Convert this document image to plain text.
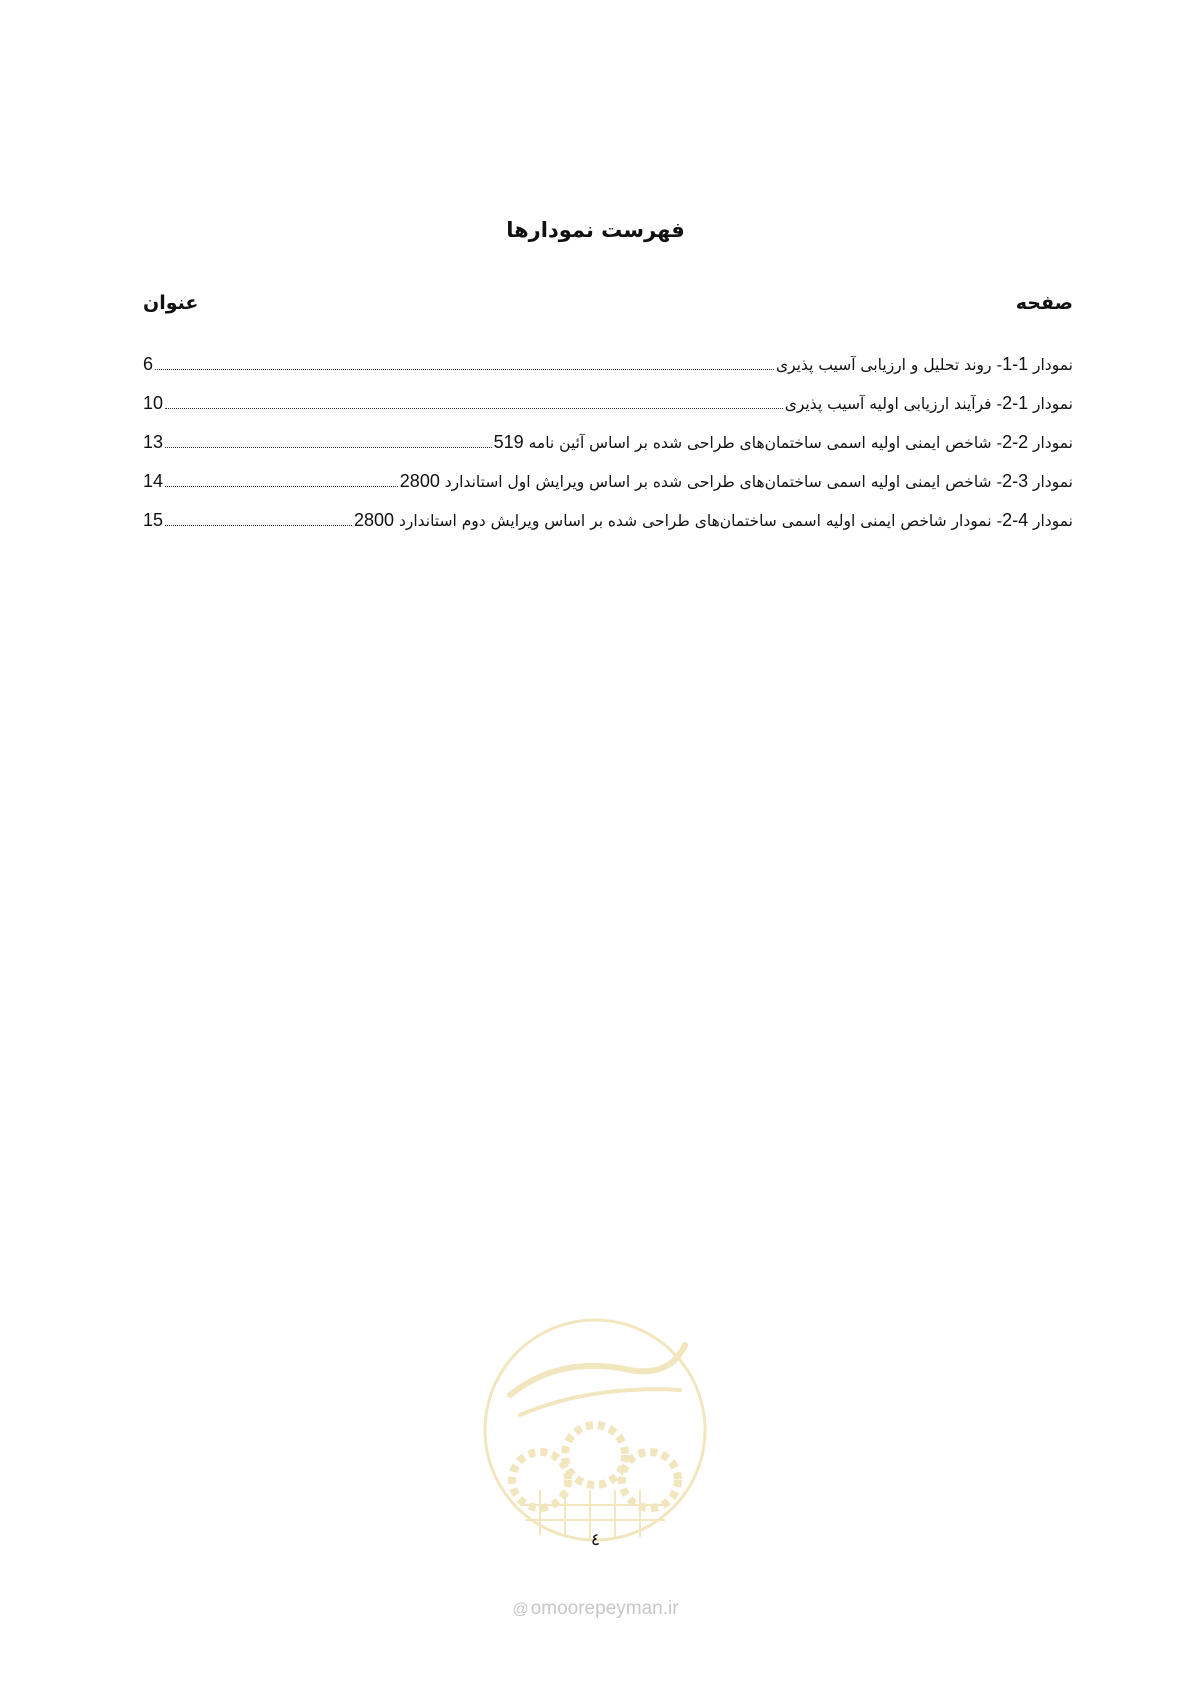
فهرست نمودارها
عنوان	صفحه
نمودار 1-1- روند تحلیل و ارزیابی آسیب پذیری
6
نمودار 2-1- فرآیند ارزیابی اولیه آسیب پذیری
10
نمودار 2-2- شاخص ایمنی اولیه اسمی ساختمان‌های طراحی شده بر اساس آئین نامه 519
13
نمودار 2-3- شاخص ایمنی اولیه اسمی ساختمان‌های طراحی شده بر اساس ویرایش اول استاندارد 2800
14
نمودار 2-4- نمودار شاخص ایمنی اولیه اسمی ساختمان‌های طراحی شده بر اساس ویرایش دوم استاندارد 2800
15
٤
@ omoorepeyman.ir
